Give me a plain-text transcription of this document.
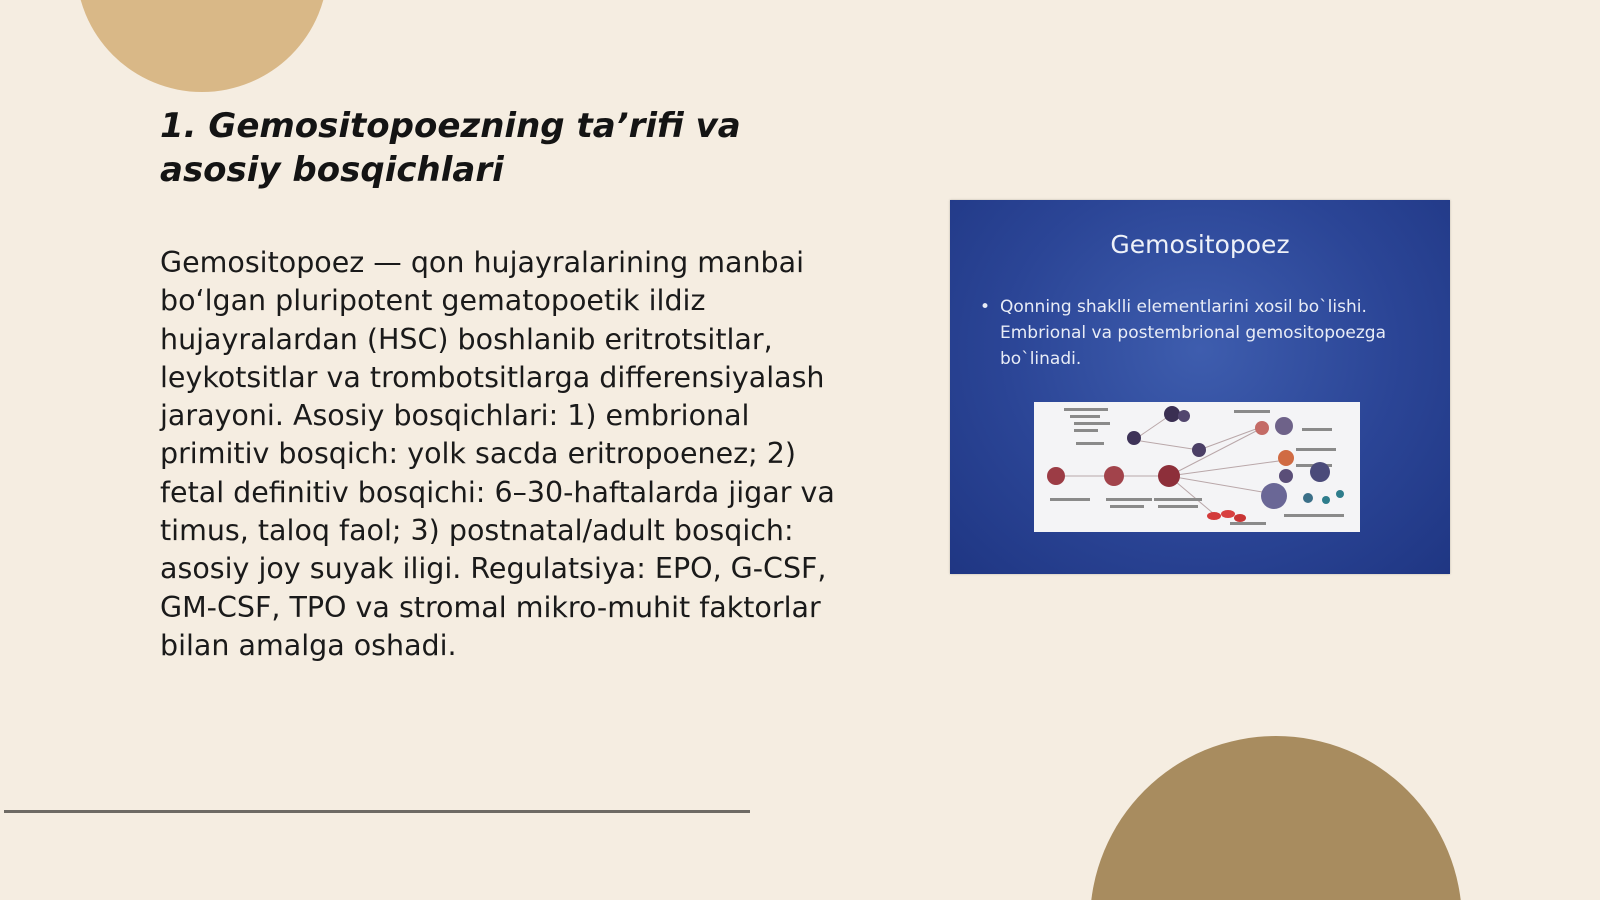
1. Gemositopoezning ta’rifi va asosiy bosqichlari

Gemositopoez — qon hujayralarining manbai bo‘lgan pluripotent gematopoetik ildiz hujayralardan (HSC) boshlanib eritrotsitlar, leykotsitlar va trombotsitlarga differensiyalash jarayoni. Asosiy bosqichlari: 1) embrional primitiv bosqich: yolk sacda eritropoenez; 2) fetal definitiv bosqichi: 6–30-haftalarda jigar va timus, taloq faol; 3) postnatal/adult bosqich: asosiy joy suyak iligi. Regulatsiya: EPO, G-CSF, GM-CSF, TPO va stromal mikro-muhit faktorlar bilan amalga oshadi.

Gemositopoez
• Qonning shaklli elementlarini xosil bo`lishi. Embrional va postembrional gemositopoezga bo`linadi.
